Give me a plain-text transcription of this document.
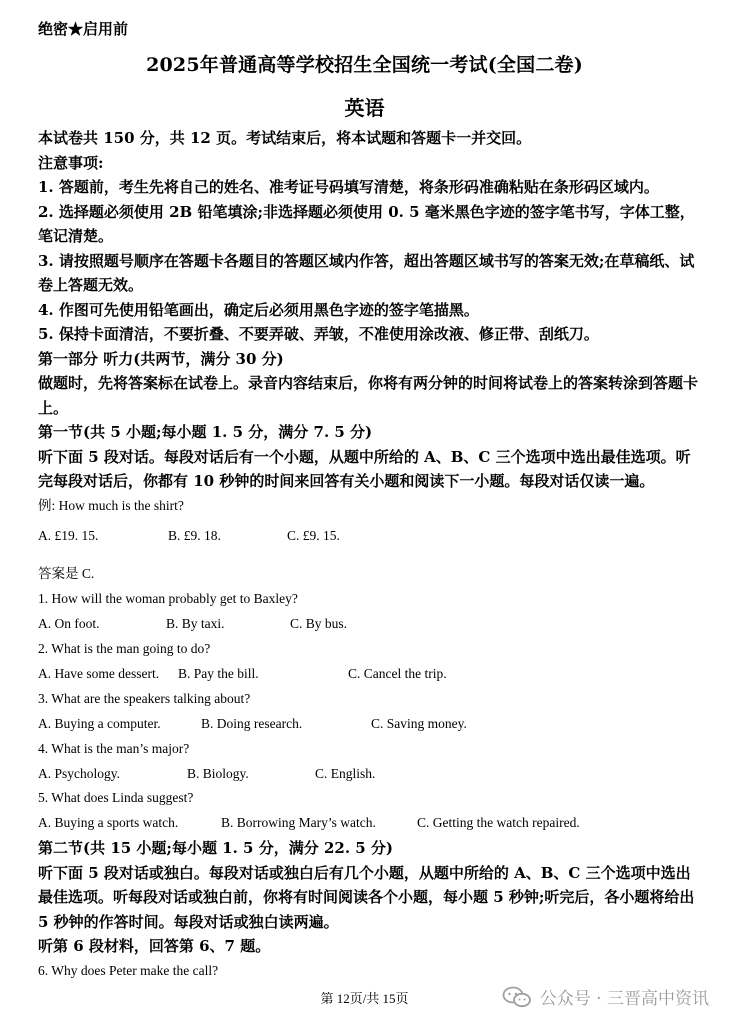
绝密★启用前
2025年普通高等学校招生全国统一考试(全国二卷)
英语
本试卷共 150 分，共 12 页。考试结束后，将本试题和答题卡一并交回。
注意事项:
1. 答题前，考生先将自己的姓名、准考证号码填写清楚，将条形码准确粘贴在条形码区域内。
2. 选择题必须使用 2B 铅笔填涂;非选择题必须使用 0. 5 毫米黑色字迹的签字笔书写，字体工整，笔记清楚。
3. 请按照题号顺序在答题卡各题目的答题区域内作答，超出答题区域书写的答案无效;在草稿纸、试卷上答题无效。
4. 作图可先使用铅笔画出，确定后必须用黑色字迹的签字笔描黑。
5. 保持卡面清洁，不要折叠、不要弄破、弄皱，不准使用涂改液、修正带、刮纸刀。
第一部分 听力(共两节，满分 30 分)
做题时，先将答案标在试卷上。录音内容结束后，你将有两分钟的时间将试卷上的答案转涂到答题卡上。
第一节(共 5 小题;每小题 1. 5 分，满分 7. 5 分)
听下面 5 段对话。每段对话后有一个小题，从题中所给的 A、B、C 三个选项中选出最佳选项。听完每段对话后，你都有 10 秒钟的时间来回答有关小题和阅读下一小题。每段对话仅读一遍。
例: How much is the shirt?
A. £19. 15.	B. £9. 18.	C. £9. 15.
答案是 C.
1. How will the woman probably get to Baxley?
A. On foot.	B. By taxi.	C. By bus.
2. What is the man going to do?
A. Have some dessert.	B. Pay the bill.	C. Cancel the trip.
3. What are the speakers talking about?
A. Buying a computer.	B. Doing research.	C. Saving money.
4. What is the man’s major?
A. Psychology.	B. Biology.	C. English.
5. What does Linda suggest?
A. Buying a sports watch.	B. Borrowing Mary’s watch.	C. Getting the watch repaired.
第二节(共 15 小题;每小题 1. 5 分，满分 22. 5 分)
听下面 5 段对话或独白。每段对话或独白后有几个小题，从题中所给的 A、B、C 三个选项中选出最佳选项。听每段对话或独白前，你将有时间阅读各个小题，每小题 5 秒钟;听完后，各小题将给出 5 秒钟的作答时间。每段对话或独白读两遍。
听第 6 段材料，回答第 6、7 题。
6. Why does Peter make the call?
第 12页/共 15页	公众号 · 三晋高中资讯
